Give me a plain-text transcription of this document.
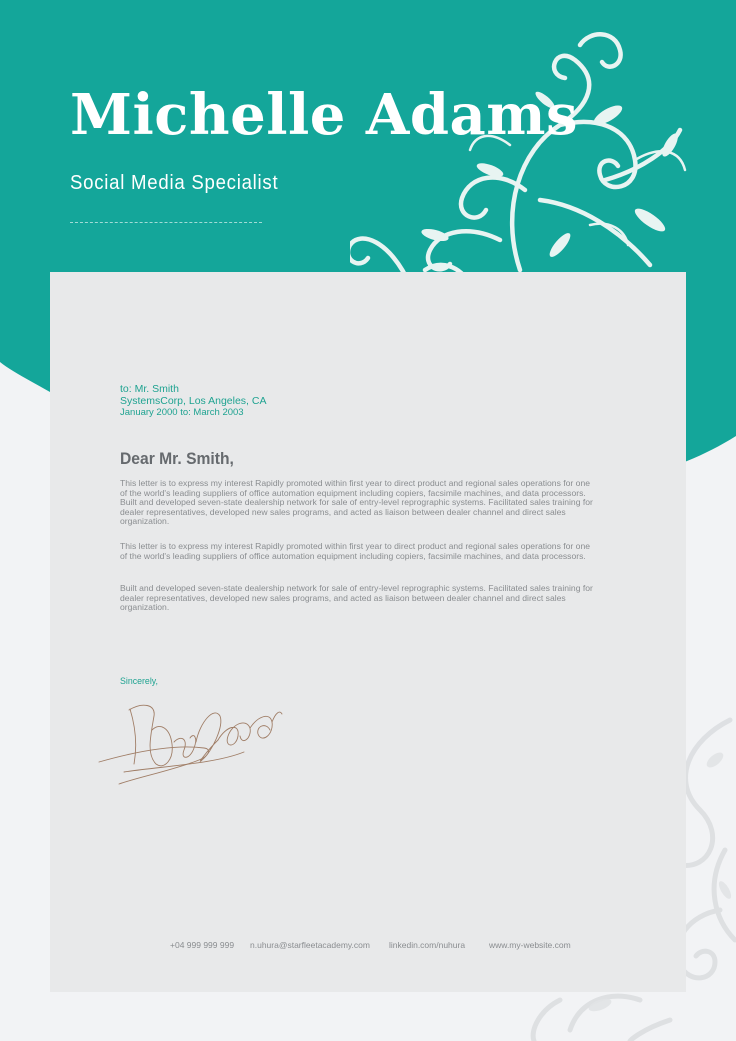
Michelle Adams
Social Media Specialist
to: Mr. Smith
SystemsCorp, Los Angeles, CA
January 2000 to: March 2003
Dear Mr. Smith,

This letter is to express my interest Rapidly promoted within first year to direct product and regional sales operations for one of the world's leading suppliers of office automation equipment including copiers, facsimile machines, and data processors. Built and developed seven-state dealership network for sale of entry-level reprographic systems. Facilitated sales training for dealer representatives, developed new sales programs, and acted as liaison between dealer channel and direct sales organization.

This letter is to express my interest Rapidly promoted within first year to direct product and regional sales operations for one of the world's leading suppliers of office automation equipment including copiers, facsimile machines, and data processors.

Built and developed seven-state dealership network for sale of entry-level reprographic systems. Facilitated sales training for dealer representatives, developed new sales programs, and acted as liaison between dealer channel and direct sales organization.

Sincerely,
+04 999 999 999 n.uhura@starfleetacademy.com linkedin.com/nuhura	www.my-website.com
